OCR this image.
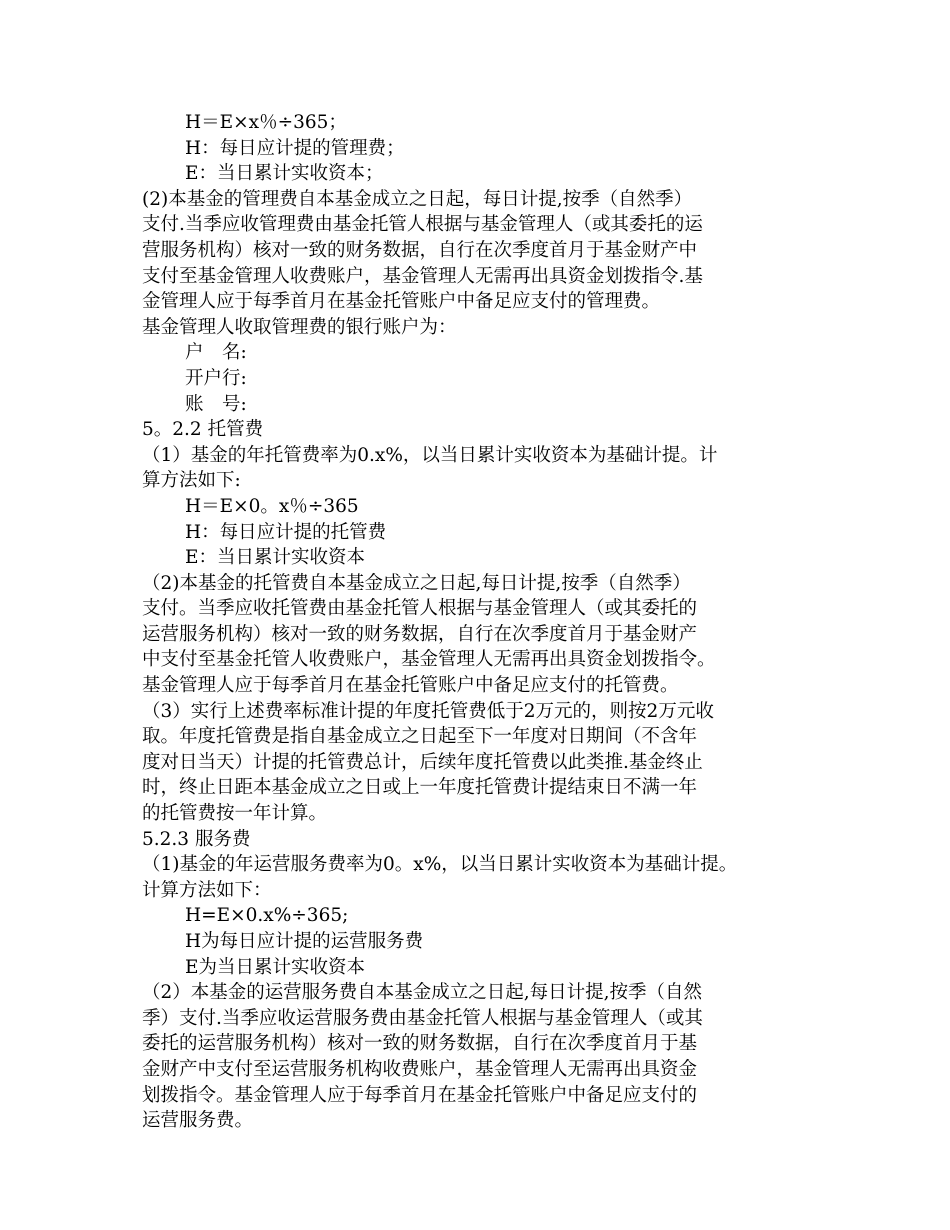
H＝E×x％÷365；
H：每日应计提的管理费；
E：当日累计实收资本；
(2)本基金的管理费自本基金成立之日起，每日计提,按季（自然季）
支付.当季应收管理费由基金托管人根据与基金管理人（或其委托的运
营服务机构）核对一致的财务数据，自行在次季度首月于基金财产中
支付至基金管理人收费账户，基金管理人无需再出具资金划拨指令.基
金管理人应于每季首月在基金托管账户中备足应支付的管理费。
基金管理人收取管理费的银行账户为：
户　名:
开户行:
账　号:
5。2.2 托管费
（1）基金的年托管费率为0.x%，以当日累计实收资本为基础计提。计
算方法如下:
H＝E×0。x％÷365
H：每日应计提的托管费
E：当日累计实收资本
（2)本基金的托管费自本基金成立之日起,每日计提,按季（自然季）
支付。当季应收托管费由基金托管人根据与基金管理人（或其委托的
运营服务机构）核对一致的财务数据，自行在次季度首月于基金财产
中支付至基金托管人收费账户，基金管理人无需再出具资金划拨指令。
基金管理人应于每季首月在基金托管账户中备足应支付的托管费。
（3）实行上述费率标准计提的年度托管费低于2万元的，则按2万元收
取。年度托管费是指自基金成立之日起至下一年度对日期间（不含年
度对日当天）计提的托管费总计，后续年度托管费以此类推.基金终止
时，终止日距本基金成立之日或上一年度托管费计提结束日不满一年
的托管费按一年计算。
5.2.3 服务费
（1)基金的年运营服务费率为0。x%，以当日累计实收资本为基础计提。
计算方法如下：
H=E×0.x%÷365;
H为每日应计提的运营服务费
E为当日累计实收资本
（2）本基金的运营服务费自本基金成立之日起,每日计提,按季（自然
季）支付.当季应收运营服务费由基金托管人根据与基金管理人（或其
委托的运营服务机构）核对一致的财务数据，自行在次季度首月于基
金财产中支付至运营服务机构收费账户，基金管理人无需再出具资金
划拨指令。基金管理人应于每季首月在基金托管账户中备足应支付的
运营服务费。
